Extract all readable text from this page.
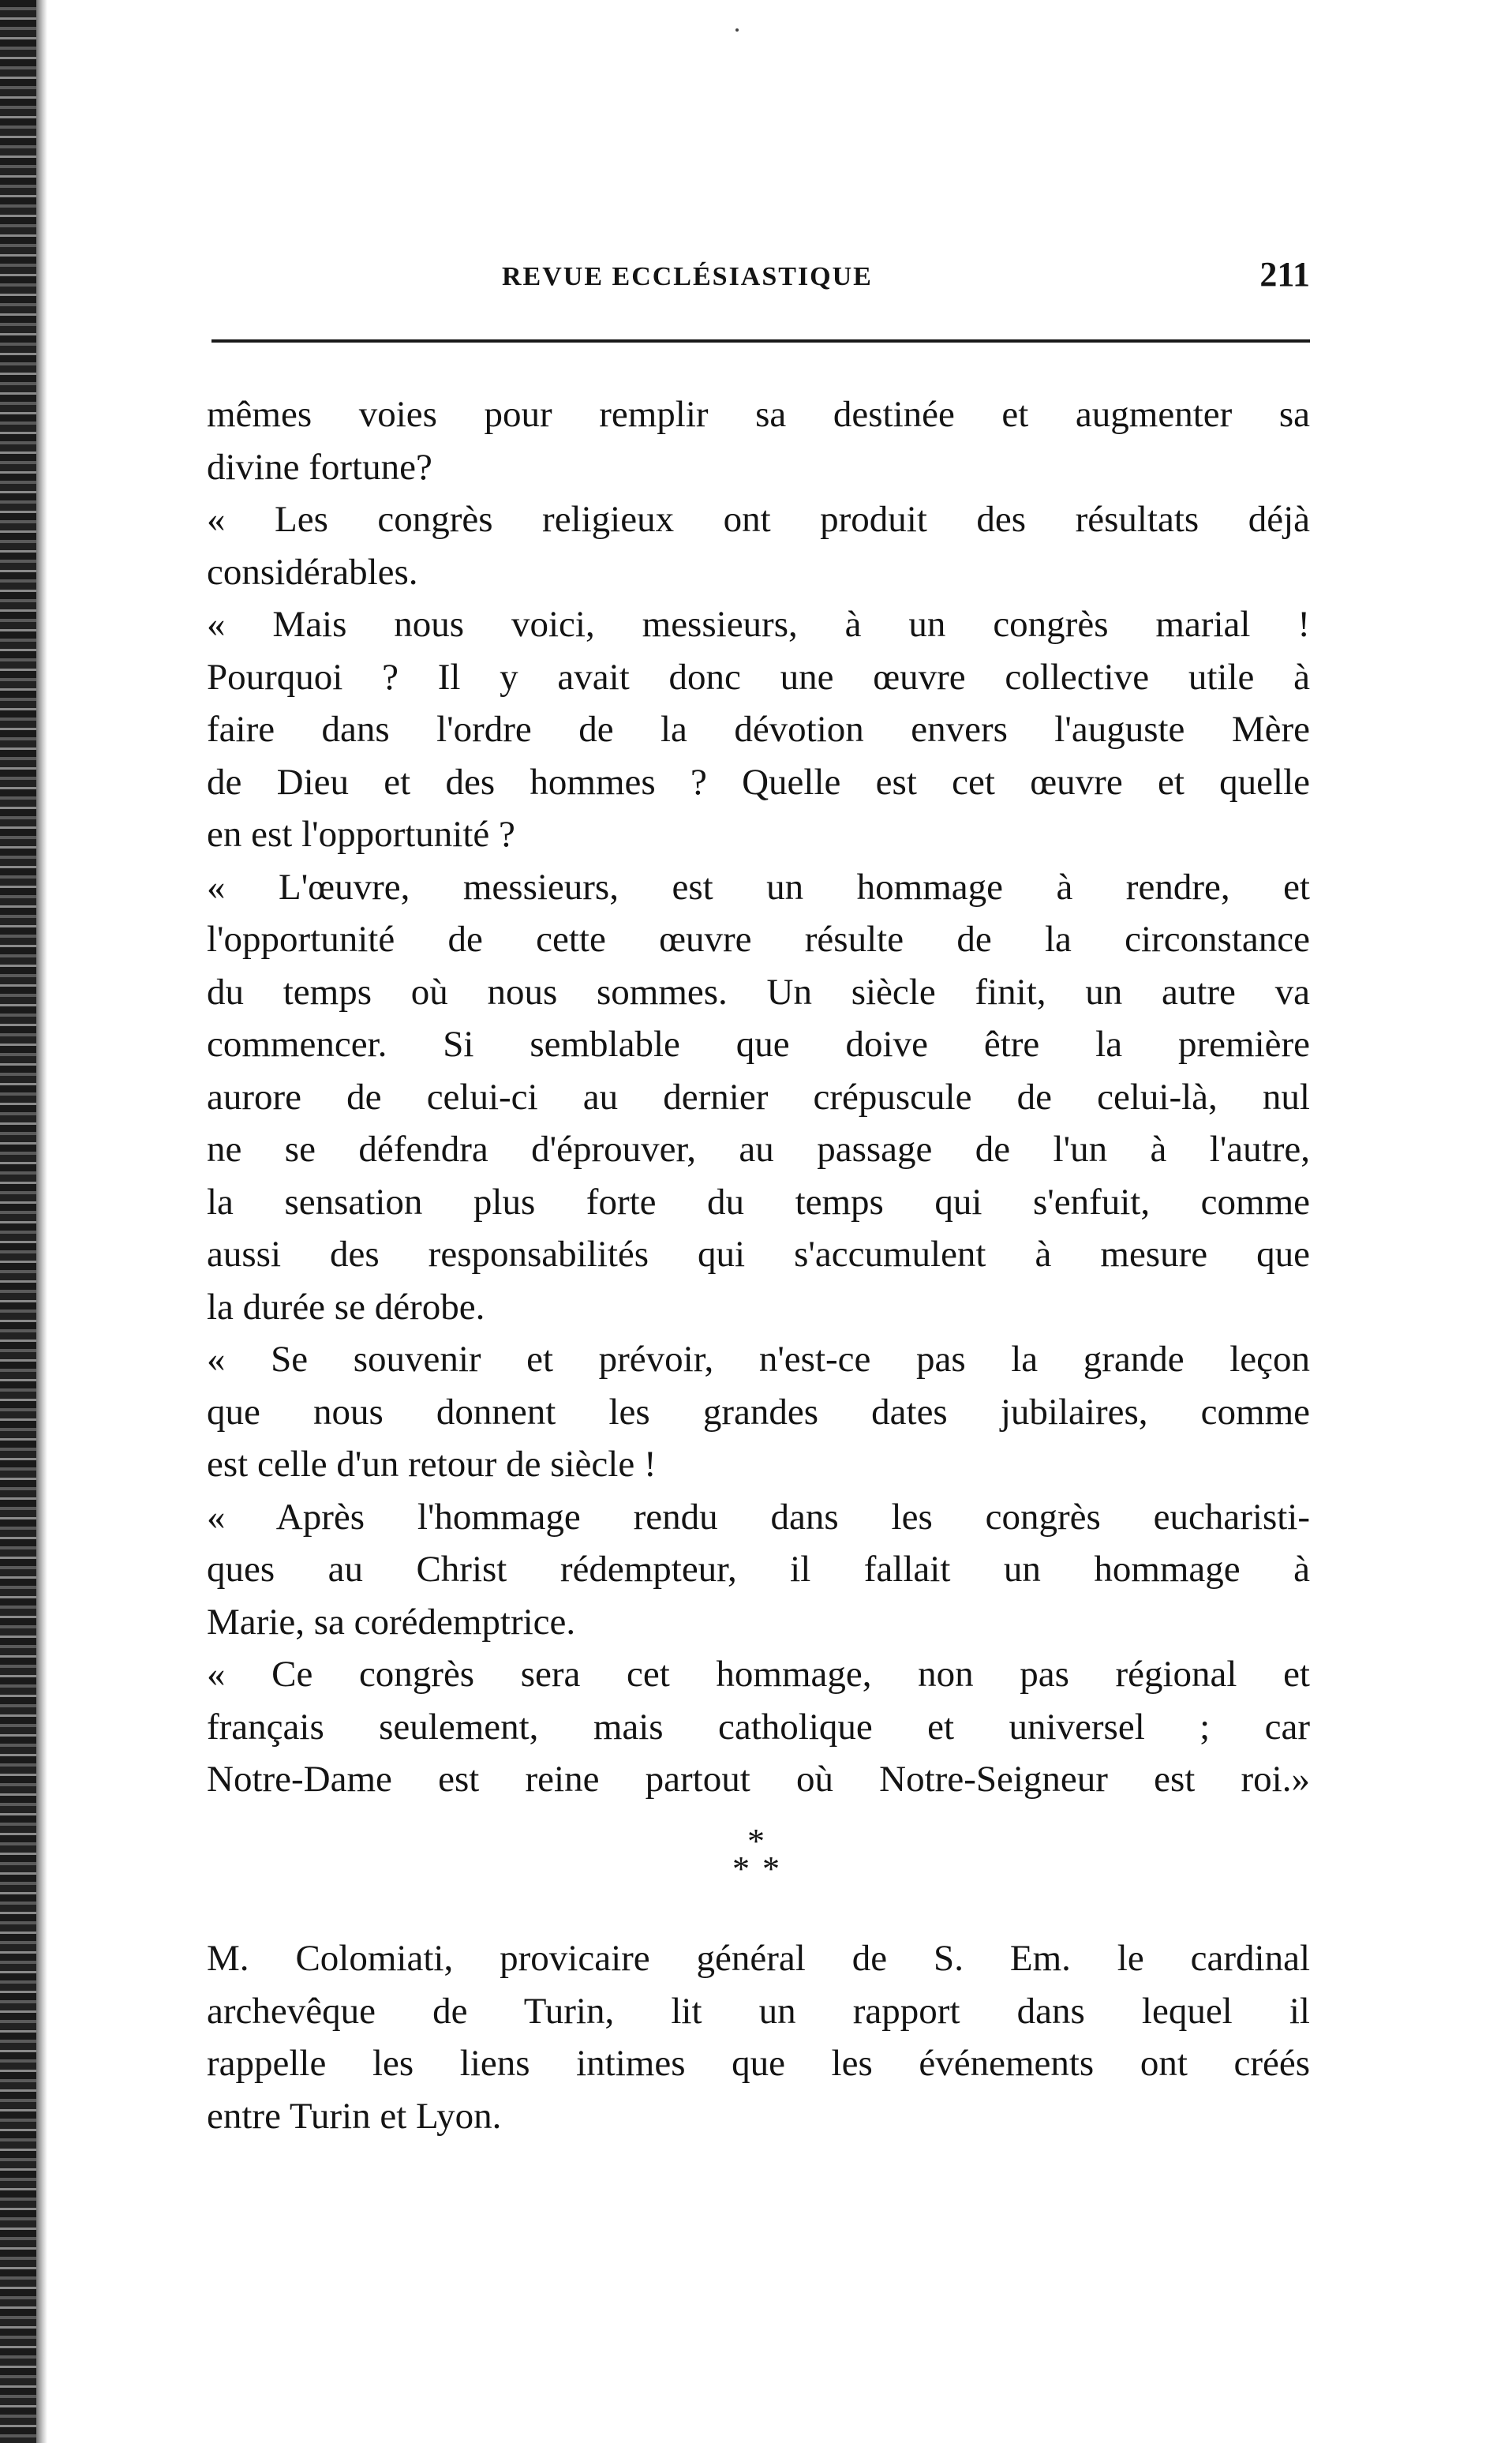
REVUE ECCLÉSIASTIQUE	211
mêmes voies pour remplir sa destinée et augmenter sa
divine fortune?
« Les congrès religieux ont produit des résultats déjà
considérables.
« Mais nous voici, messieurs, à un congrès marial !
Pourquoi ? Il y avait donc une œuvre collective utile à
faire dans l'ordre de la dévotion envers l'auguste Mère
de Dieu et des hommes ? Quelle est cet œuvre et quelle
en est l'opportunité ?
« L'œuvre, messieurs, est un hommage à rendre, et
l'opportunité de cette œuvre résulte de la circonstance
du temps où nous sommes. Un siècle finit, un autre va
commencer. Si semblable que doive être la première
aurore de celui-ci au dernier crépuscule de celui-là, nul
ne se défendra d'éprouver, au passage de l'un à l'autre,
la sensation plus forte du temps qui s'enfuit, comme
aussi des responsabilités qui s'accumulent à mesure que
la durée se dérobe.
« Se souvenir et prévoir, n'est-ce pas la grande leçon
que nous donnent les grandes dates jubilaires, comme
est celle d'un retour de siècle !
« Après l'hommage rendu dans les congrès eucharisti-
ques au Christ rédempteur, il fallait un hommage à
Marie, sa corédemptrice.
« Ce congrès sera cet hommage, non pas régional et
français seulement, mais catholique et universel ; car
Notre-Dame est reine partout où Notre-Seigneur est roi.»
*
**
M. Colomiati, provicaire général de S. Em. le cardinal
archevêque de Turin, lit un rapport dans lequel il
rappelle les liens intimes que les événements ont créés
entre Turin et Lyon.
